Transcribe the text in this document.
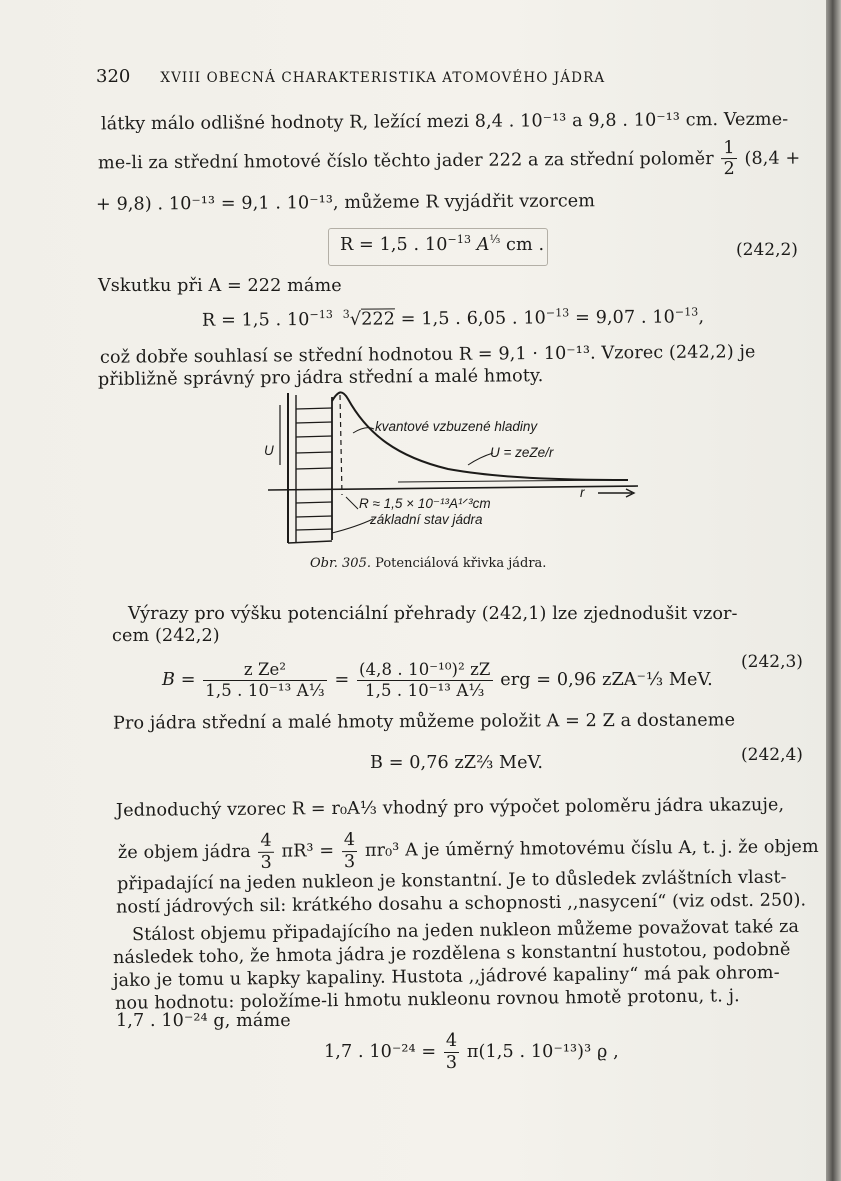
320 XVIII OBECNÁ CHARAKTERISTIKA ATOMOVÉHO JÁDRA
látky málo odlišné hodnoty R, ležící mezi 8,4 . 10⁻¹³ a 9,8 . 10⁻¹³ cm. Vezme-
me-li za střední hmotové číslo těchto jader 222 a za střední poloměr $\frac{1}{2} (8,4$ +
+ 9,8) . 10⁻¹³ = 9,1 . 10⁻¹³, můžeme R vyjádřit vzorcem
R = 1,5 . $10^{-13}$ $A^{\frac{1}{3}}$ cm .	(242,2)
Vskutku při A = 222 máme
R = 1,5 . $10^{-13}$ $^3$√222 = 1,5 . 6,05 . $10^{-13} = 9,07$ . $10^{-13}$,
což dobře souhlasí se střední hodnotou R = 9,1 · 10⁻¹³. Vzorec (242,2) je
přibližně správný pro jádra střední a malé hmoty.
kvantové vzbuzené hladiny
U = zeZe/r
R ≈ 1,5 × 10⁻¹³A¹ᐟ³cm
základní stav jádra
U
r
Obr. 305. Potenciálová křivka jádra.
Výrazy pro výšku potenciální přehrady (242,1) lze zjednodušit vzor-
cem (242,2)
$B = \frac{\text{z Ze²}}{\text{1,5 . 10⁻¹³ A⅓}} = \frac{\text{(4,8 . 10⁻¹⁰)² zZ}}{\text{1,5 . 10⁻¹³ A⅓}}$ erg = 0,96 zZA⁻⅓ MeV.
(242,3)
Pro jádra střední a malé hmoty můžeme položit A = 2 Z a dostaneme
B = 0,76 zZ⅔ MeV.	(242,4)
Jednoduchý vzorec R = r₀A⅓ vhodný pro výpočet poloměru jádra ukazuje,
že objem jádra $\frac{4}{3} \pi R^3 = \frac{4}{3} \pi r_0^3$ A je úměrný hmotovému číslu A, t. j. že objem
připadající na jeden nukleon je konstantní. Je to důsledek zvláštních vlast-
ností jádrových sil: krátkého dosahu a schopnosti ,,nasycení“ (viz odst. 250).
Stálost objemu připadajícího na jeden nukleon můžeme považovat také za
následek toho, že hmota jádra je rozdělena s konstantní hustotou, podobně
jako je tomu u kapky kapaliny. Hustota ,,jádrové kapaliny“ má pak ohrom-
nou hodnotu: položíme-li hmotu nukleonu rovnou hmotě protonu, t. j.
1,7 . 10⁻²⁴ g, máme
1,7 . $10^{-24} = \frac{4}{3} \pi(1,5$ . 10⁻¹³)³ ϱ ,
